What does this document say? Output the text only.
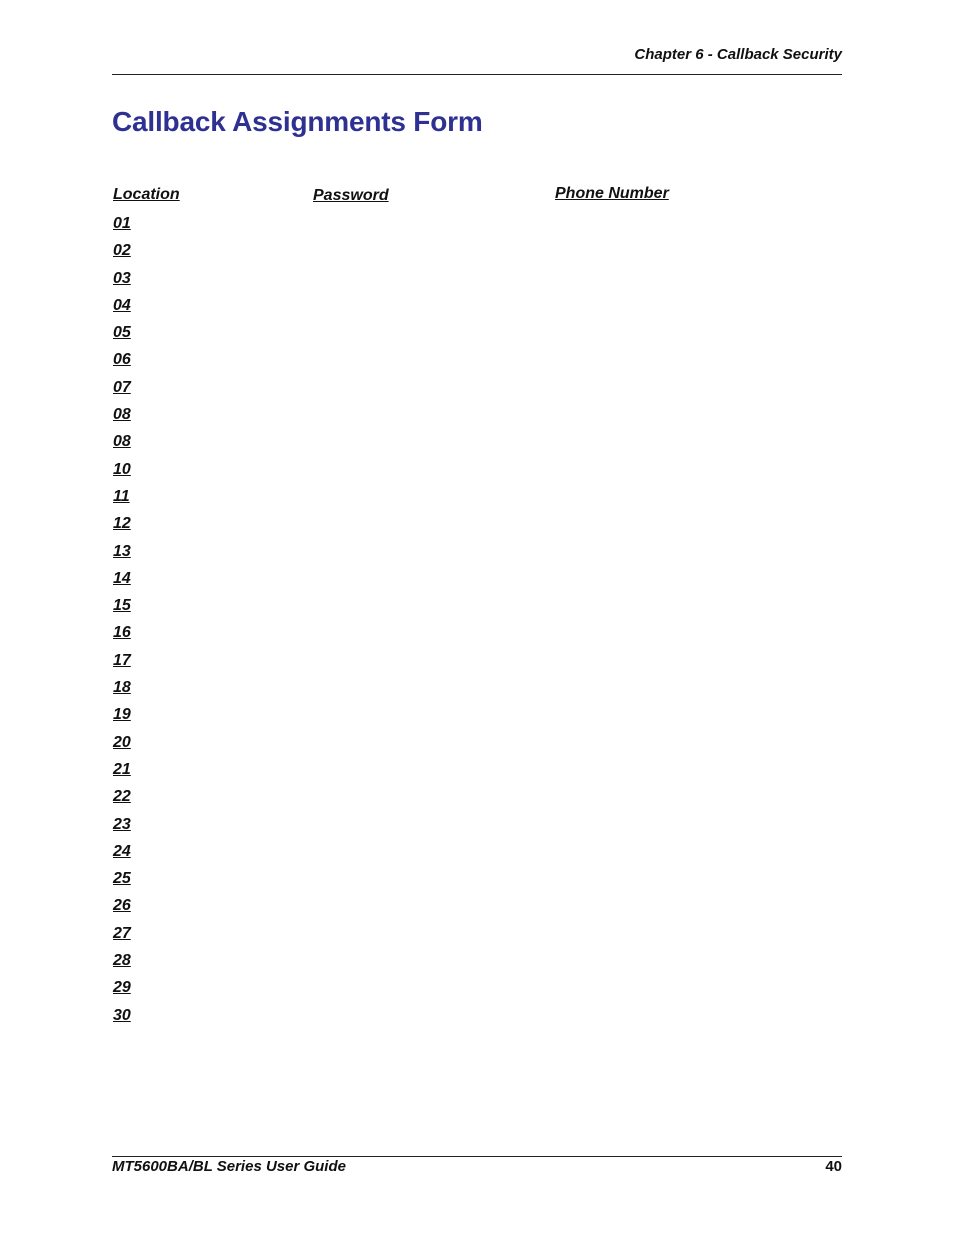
Chapter 6 - Callback Security
Callback Assignments Form
Location	Password	Phone Number
01
02
03
04
05
06
07
08
08
10
11
12
13
14
15
16
17
18
19
20
21
22
23
24
25
26
27
28
29
30
MT5600BA/BL Series User Guide	40
